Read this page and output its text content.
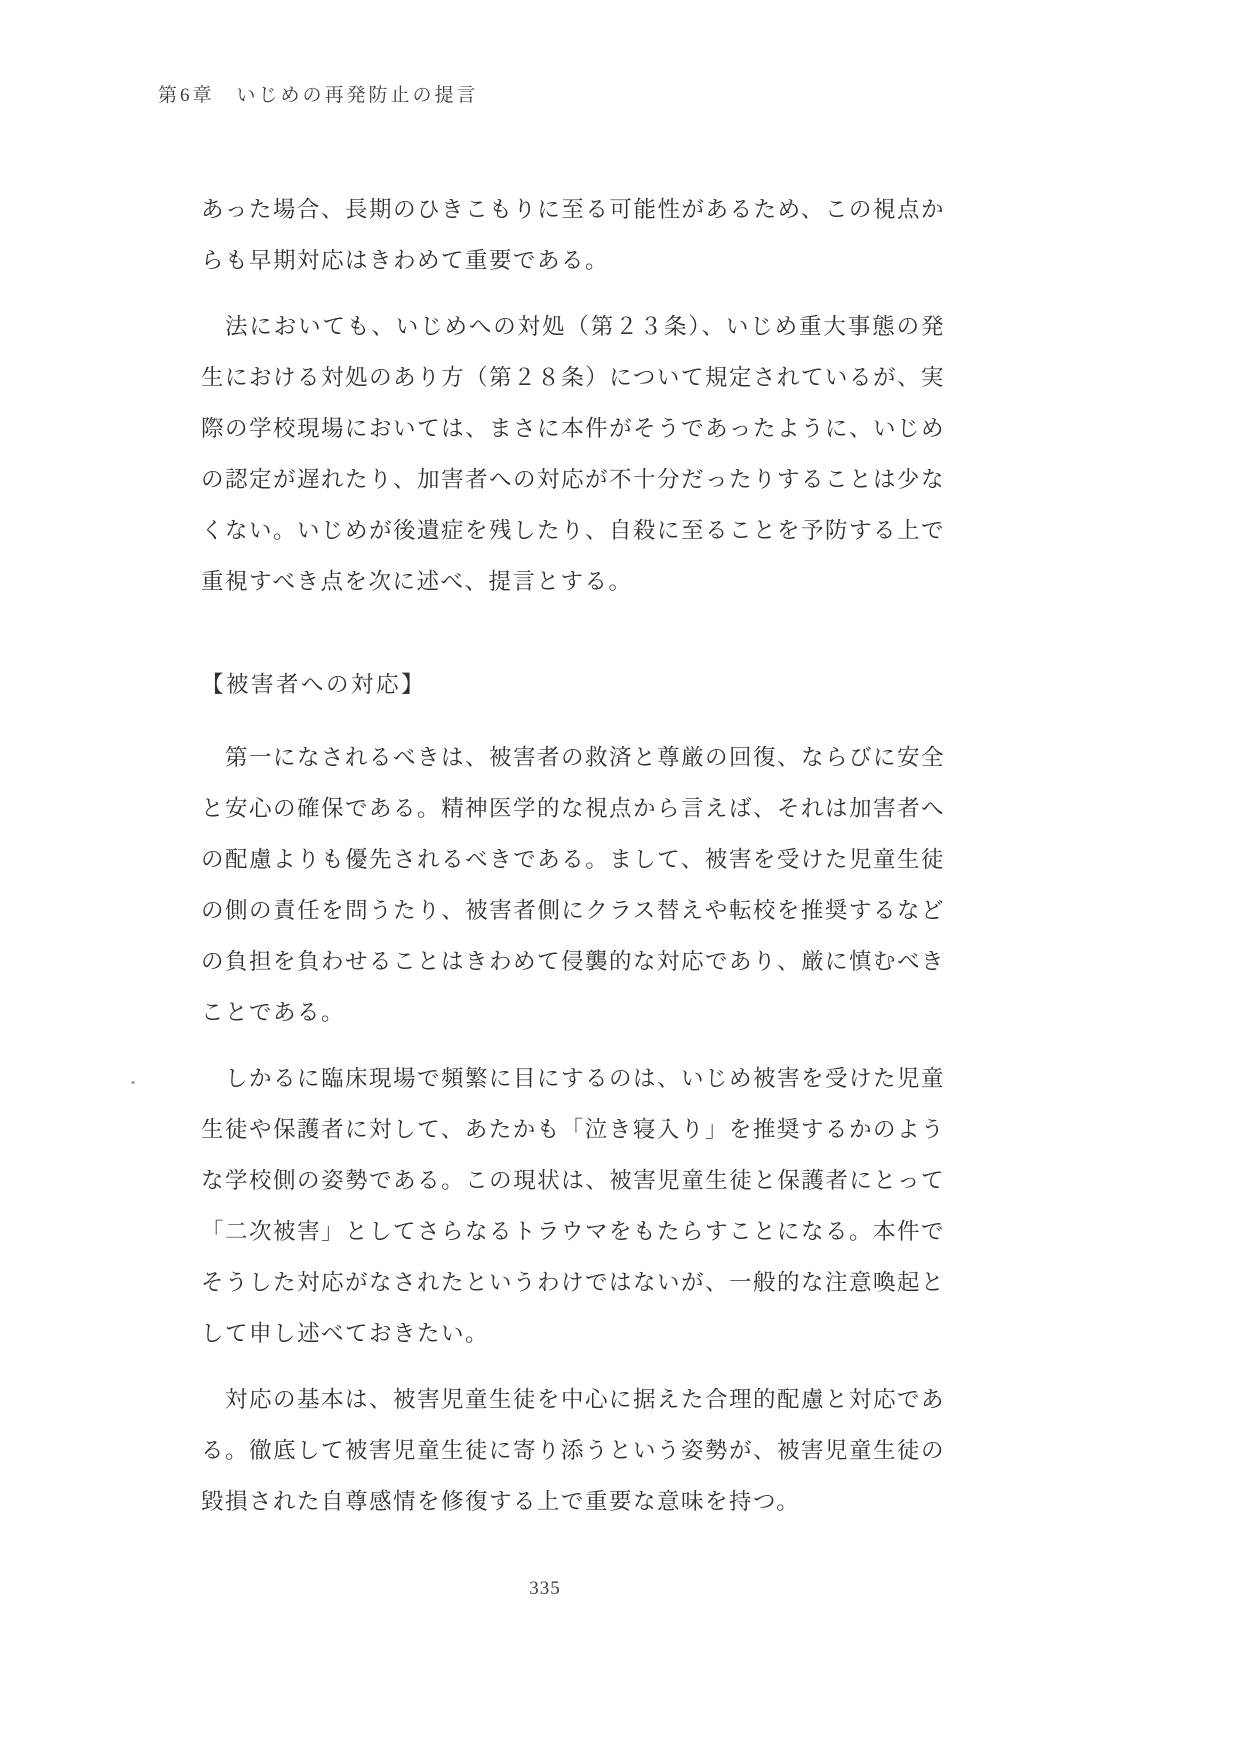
第6章　いじめの再発防止の提言

あった場合、長期のひきこもりに至る可能性があるため、この視点からも早期対応はきわめて重要である。

法においても、いじめへの対処（第２３条）、いじめ重大事態の発生における対処のあり方（第２８条）について規定されているが、実際の学校現場においては、まさに本件がそうであったように、いじめの認定が遅れたり、加害者への対応が不十分だったりすることは少なくない。いじめが後遺症を残したり、自殺に至ることを予防する上で重視すべき点を次に述べ、提言とする。

【被害者への対応】

第一になされるべきは、被害者の救済と尊厳の回復、ならびに安全と安心の確保である。精神医学的な視点から言えば、それは加害者への配慮よりも優先されるべきである。まして、被害を受けた児童生徒の側の責任を問うたり、被害者側にクラス替えや転校を推奨するなどの負担を負わせることはきわめて侵襲的な対応であり、厳に慎むべきことである。

しかるに臨床現場で頻繁に目にするのは、いじめ被害を受けた児童生徒や保護者に対して、あたかも「泣き寝入り」を推奨するかのような学校側の姿勢である。この現状は、被害児童生徒と保護者にとって「二次被害」としてさらなるトラウマをもたらすことになる。本件でそうした対応がなされたというわけではないが、一般的な注意喚起として申し述べておきたい。

対応の基本は、被害児童生徒を中心に据えた合理的配慮と対応である。徹底して被害児童生徒に寄り添うという姿勢が、被害児童生徒の毀損された自尊感情を修復する上で重要な意味を持つ。

335
